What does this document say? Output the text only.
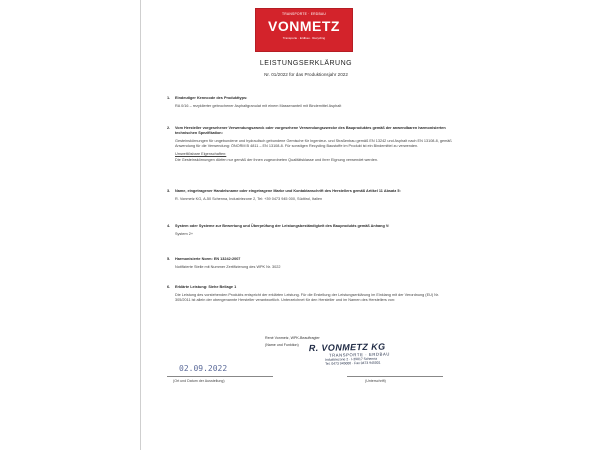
TRANSPORTE · ERDBAU
VONMETZ
Transporte · Erdbau · Recycling
LEISTUNGSERKLÄRUNG
Nr. 01/2022 für das Produktionsjahr 2022
1. Eindeutiger Kenncode des Produkttyps:
RA 0/16 – rezyklierter gebrochener Asphaltgranulat mit einem Massenanteil mit Bindemittel Asphalt
2. Vom Hersteller vorgesehener Verwendungszweck oder vorgesehene Verwendungszwecke des Bauproduktes gemäß der anwendbaren harmonisierten technischen Spezifikation:
Gesteinskörnungen für ungebundene und hydraulisch gebundene Gemische für Ingenieur- und Straßenbau gemäß EN 13242 und Asphalt nach EN 13108-8, gemäß Anwendung für die Verwendung: ÖNORM B 4811 – EN 13108-8. Für sonstigen Recycling Baustoffe im Produkt ist ein Bindemittel zu verwenden.
Umweltlösbare Eigenschaften:
Die Gesteinskörnungen dürfen nur gemäß der ihnen zugeordneten Qualitätsklasse und ihrer Eignung verwendet werden.
3. Name, eingetragener Handelsname oder eingetragene Marke und Kontaktanschrift des Herstellers gemäß Artikel 11 Absatz 5:
R. Vonmetz KG, A-50 Schenna, Industriezone 2, Tel: +39 0473 945 000, Südtirol, Italien
4. System oder Systeme zur Bewertung und Überprüfung der Leistungsbeständigkeit des Bauprodukts gemäß Anhang V:
System 2+
5. Harmonisierte Norm: EN 13242:2007
Notifizierte Stelle mit Nummer Zertifizierung des WPK Nr. 3022
6. Erklärte Leistung: Siehe Beilage 1
Die Leistung des vorstehenden Produkts entspricht der erklärten Leistung. Für die Erstellung der Leistungserklärung im Einklang mit der Verordnung (EU) Nr. 305/2011 ist allein der obengenannte Hersteller verantwortlich. Unterzeichnet für den Hersteller und im Namen des Herstellers von:
René Vonmetz, WPK-Beauftragter
(Name und Funktion) R. VONMETZ KG
TRANSPORTE · ERDBAU
Industriezone 2 · I-39017 Schenna
Tel. 0473 945000 · Fax 0473 945001
02.09.2022
(Ort und Datum der Ausstellung)	(Unterschrift)
